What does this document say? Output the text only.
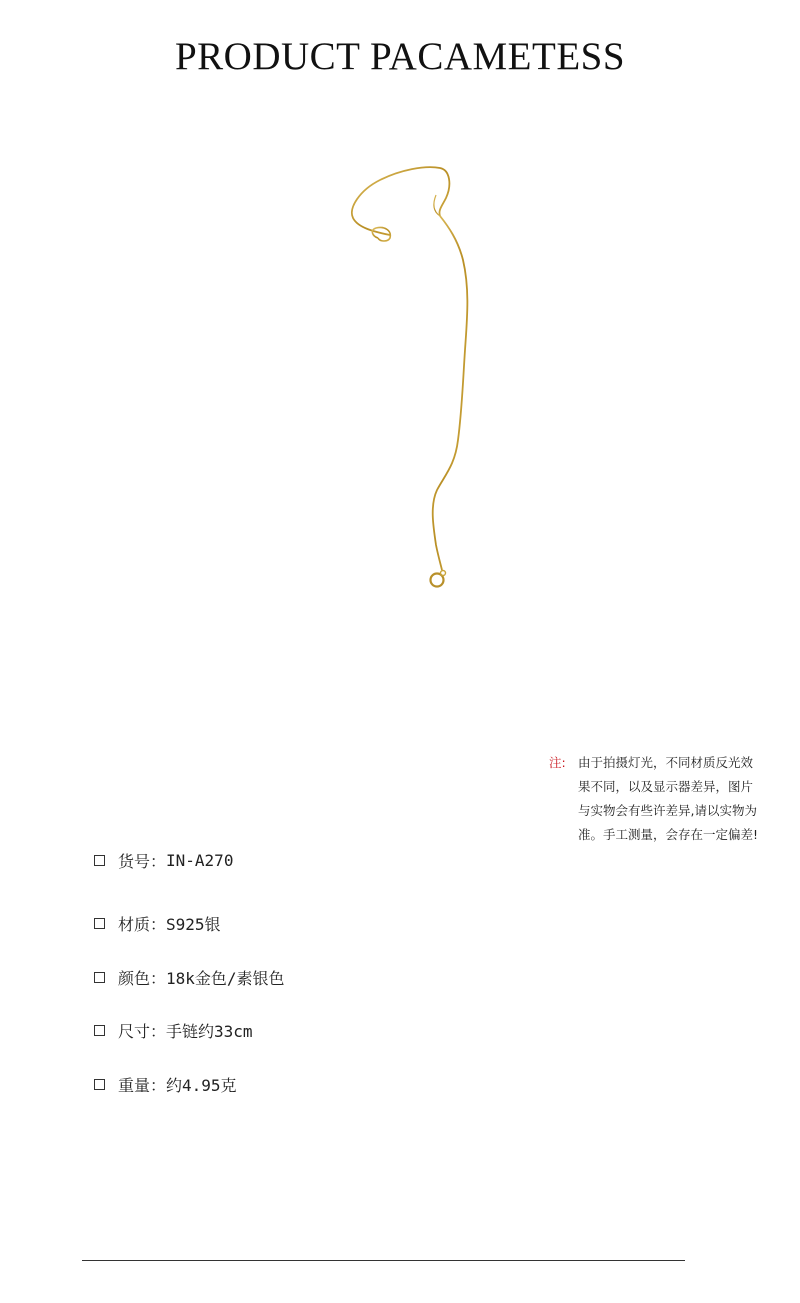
PRODUCT PACAMETESS
注: 由于拍摄灯光，不同材质反光效
果不同，以及显示器差异，图片
与实物会有些许差异,请以实物为
准。手工测量，会存在一定偏差!
货号： IN-A270
材质： S925银
颜色： 18k金色/素银色
尺寸： 手链约33cm
重量： 约4.95克
